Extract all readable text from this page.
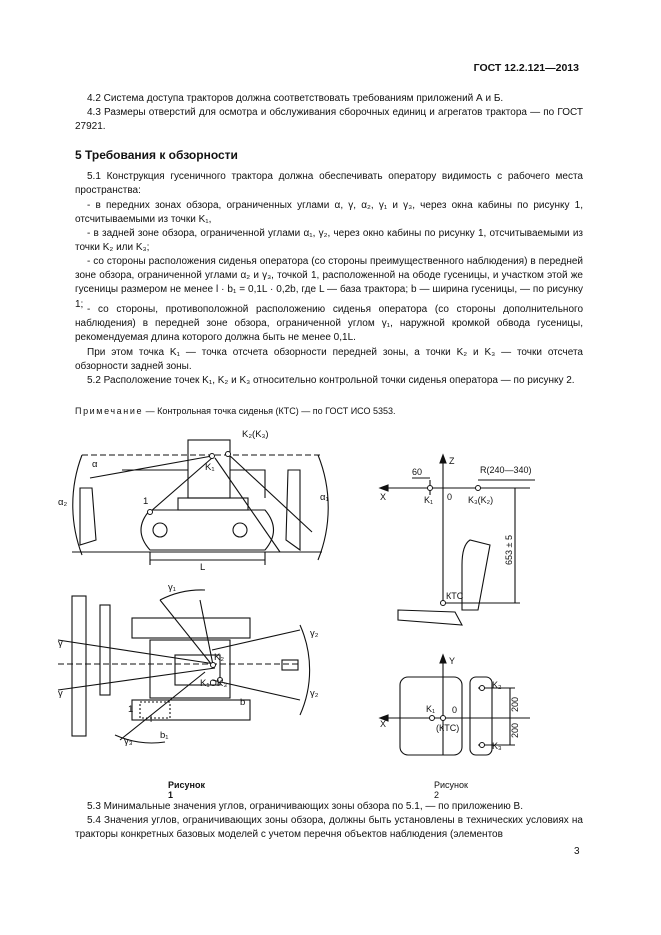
ГОСТ 12.2.121—2013

4.2 Система доступа тракторов должна соответствовать требованиям приложений А и Б.

4.3 Размеры отверстий для осмотра и обслуживания сборочных единиц и агрегатов трактора — по ГОСТ 27921.

5 Требования к обзорности

5.1 Конструкция гусеничного трактора должна обеспечивать оператору видимость с рабочего места пространства:

- в передних зонах обзора, ограниченных углами α, γ, α₂, γ₁ и γ₃, через окна кабины по рисунку 1, отсчитываемыми из точки K₁,

- в задней зоне обзора, ограниченной углами α₁, γ₂, через окно кабины по рисунку 1, отсчитываемыми из точки K₂ или K₃;

- со стороны расположения сиденья оператора (со стороны преимущественного наблюдения) в передней зоне обзора, ограниченной углами α₂ и γ₃, точкой 1, расположенной на ободе гусеницы, и участком этой же гусеницы размером не менее l · b₁ = 0,1L · 0,2b, где L — база трактора; b — ширина гусеницы, — по рисунку 1; - со стороны, противоположной расположению сиденья оператора (со стороны дополнительного наблюдения) в передней зоне обзора, ограниченной углом γ₁, наружной кромкой обвода гусеницы, рекомендуемая длина которого должна быть не менее 0,1L.

При этом точка K₁ — точка отсчета обзорности передней зоны, а точки K₂ и K₃ — точки отсчета обзорности задней зоны.

5.2 Расположение точек K₁, K₂ и K₃ относительно контрольной точки сиденья оператора — по рисунку 2.

Примечание — Контрольная точка сиденья (КТС) — по ГОСТ ИСО 5353.
α
α₂	α₁
K₁
K₂(K₃)
1
L
γ₁
γ₂
γ₂
γ₃
γ
γ
K₂
K₁OK₃
1
l
b
b₁
Рисунок 1
Z
X
60	R(240—340)
K₁ 0 K₃(K₂)
КТС
653 ± 5
Y
X
K₁ 0
(КТС)
K₂
K₃
200
200
Рисунок 2

5.3 Минимальные значения углов, ограничивающих зоны обзора по 5.1, — по приложению В.

5.4 Значения углов, ограничивающих зоны обзора, должны быть установлены в технических условиях на тракторы конкретных базовых моделей с учетом перечня объектов наблюдения (элементов

3
